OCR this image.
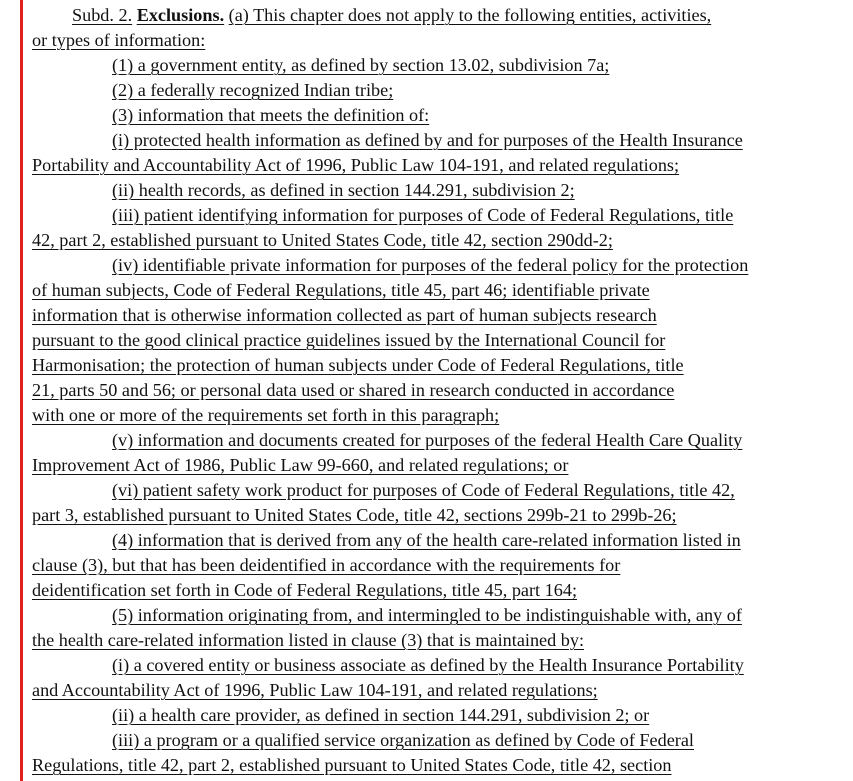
Subd. 2. Exclusions. (a) This chapter does not apply to the following entities, activities,
or types of information:
(1) a government entity, as defined by section 13.02, subdivision 7a;
(2) a federally recognized Indian tribe;
(3) information that meets the definition of:
(i) protected health information as defined by and for purposes of the Health Insurance
Portability and Accountability Act of 1996, Public Law 104-191, and related regulations;
(ii) health records, as defined in section 144.291, subdivision 2;
(iii) patient identifying information for purposes of Code of Federal Regulations, title
42, part 2, established pursuant to United States Code, title 42, section 290dd-2;
(iv) identifiable private information for purposes of the federal policy for the protection
of human subjects, Code of Federal Regulations, title 45, part 46; identifiable private
information that is otherwise information collected as part of human subjects research
pursuant to the good clinical practice guidelines issued by the International Council for
Harmonisation; the protection of human subjects under Code of Federal Regulations, title
21, parts 50 and 56; or personal data used or shared in research conducted in accordance
with one or more of the requirements set forth in this paragraph;
(v) information and documents created for purposes of the federal Health Care Quality
Improvement Act of 1986, Public Law 99-660, and related regulations; or
(vi) patient safety work product for purposes of Code of Federal Regulations, title 42,
part 3, established pursuant to United States Code, title 42, sections 299b-21 to 299b-26;
(4) information that is derived from any of the health care-related information listed in
clause (3), but that has been deidentified in accordance with the requirements for
deidentification set forth in Code of Federal Regulations, title 45, part 164;
(5) information originating from, and intermingled to be indistinguishable with, any of
the health care-related information listed in clause (3) that is maintained by:
(i) a covered entity or business associate as defined by the Health Insurance Portability
and Accountability Act of 1996, Public Law 104-191, and related regulations;
(ii) a health care provider, as defined in section 144.291, subdivision 2; or
(iii) a program or a qualified service organization as defined by Code of Federal
Regulations, title 42, part 2, established pursuant to United States Code, title 42, section
